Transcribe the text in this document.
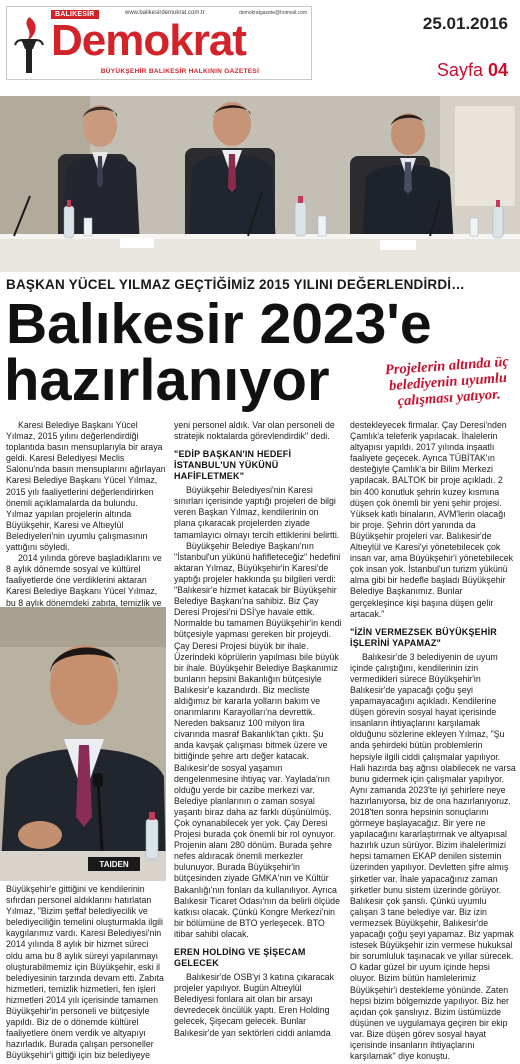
BALIKESİR	www.balikesirdemokrat.com.tr	demokratgazete@hotmail.com
Demokrat
BÜYÜKŞEHİR BALIKESİR HALKININ GAZETESİ
25.01.2016
Sayfa 04
BAŞKAN YÜCEL YILMAZ GEÇTİĞİMİZ 2015 YILINI DEĞERLENDİRDİ…
Balıkesir 2023'e
hazırlanıyor	Projelerin altında üç belediyenin uyumlu çalışması yatıyor.

Karesi Belediye Başkanı Yücel Yılmaz, 2015 yılını değerlendirdiği toplantıda basın mensuplarıyla bir araya geldi. Karesi Belediyesi Meclis Salonu'nda basın mensuplarını ağırlayan Karesi Belediye Başkanı Yücel Yılmaz, 2015 yılı faaliyetlerini değerlendirirken önemli açıklamalarda da bulundu. Yılmaz yapılan projelerin altında Büyükşehir, Karesi ve Altıeylül Belediyeleri'nin uyumlu çalışmasının yattığını söyledi.

2014 yılında göreve başladıklarını ve 8 aylık dönemde sosyal ve kültürel faaliyetlerde öne verdiklerini aktaran Karesi Belediye Başkanı Yücel Yılmaz, bu 8 aylık dönemdeki zabıta, temizlik ve

TAIDEN

Büyükşehir'e gittiğini ve kendilerinin sıfırdan personel aldıklarını hatırlatan Yılmaz, "Bizim şeffaf belediyecilik ve belediyeciliğin temelini oluşturmakla ilgili kaygılarımız vardı. Karesi Belediyesi'nin 2014 yılında 8 aylık bir hizmet süreci oldu ama bu 8 aylık süreyi yapılanmayı oluşturabilmemiz için Büyükşehir, eski il belediyesinin tarzında devam etti. Zabıta hizmetleri, temizlik hizmetleri, fen işleri hizmetleri 2014 yılı içerisinde tamamen Büyükşehir'in personeli ve bütçesiyle yapıldı. Biz de o dönemde kültürel faaliyetlere önem verdik ve altyapıyı hazırladık. Burada çalışan personeller Büyükşehir'i gittiği için biz belediyeye

yeni personel aldık. Var olan personeli de stratejik noktalarda görevlendirdik" dedi.

"EDİP BAŞKAN'IN HEDEFİ İSTANBUL'UN YÜKÜNÜ HAFİFLETMEK"

Büyükşehir Belediyesi'nin Karesi sınırları içerisinde yaptığı projeleri de bilgi veren Başkan Yılmaz, kendilerinin on plana çıkaracak projelerden ziyade tamamlayıcı olmayı tercih ettiklerini belirtti.

Büyükşehir Belediye Başkanı'nın "İstanbul'un yükünü hafifleteceğiz" hedefini aktaran Yılmaz, Büyükşehir'in Karesi'de yaptığı projeler hakkında şu bilgileri verdi: "Balıkesir'e hizmet katacak bir Büyükşehir Belediye Başkanı'na sahibiz. Biz Çay Deresi Projesi'ni DSİ'ye havale ettik. Normalde bu tamamen Büyükşehir'in kendi bütçesiyle yapması gereken bir projeydi. Çay Deresi Projesi büyük bir ihale. Üzerindeki köprülerin yapılması bile büyük bir ihale. Büyükşehir Belediye Başkanımız bunların hepsini Bakanlığın bütçesiyle Balıkesir'e kazandırdı. Biz mecliste aldığımız bir kararla yolların bakım ve onarımlarını Karayolları'na devrettik. Nereden baksanız 100 milyon lira civarında masraf Bakanlık'tan çıktı. Şu anda kavşak çalışması bitmek üzere ve bittiğinde şehre artı değer katacak. Balıkesir'de sosyal yaşamın dengelenmesine ihtiyaç var. Yaylada'nın olduğu yerde bir cazibe merkezi var. Belediye planlarının o zaman sosyal yaşantı biraz daha az farklı düşünülmüş. Çok oynanabilecek yer yok. Çay Deresi Projesi burada çok önemli bir rol oynuyor. Projenin alanı 280 dönüm. Burada şehre nefes aldıracak önemli merkezler bulunuyor. Burada Büyükşehir'in bütçesinden ziyade GMKA'nın ve Kültür Bakanlığı'nın fonları da kullanılıyor. Ayrıca Balıkesir Ticaret Odası'nın da belirli ölçüde katkısı olacak. Çünkü Kongre Merkezi'nin bir bölümüne de BTO yerleşecek. BTO itibar sahibi olacak.

EREN HOLDİNG VE ŞİŞECAM GELECEK

Balıkesir'de OSB'yi 3 katına çıkaracak projeler yapılıyor. Bugün Altıeylül Belediyesi fonlara ait olan bir arsayı devredecek öncülük yaptı. Eren Holding gelecek, Şişecam gelecek. Bunlar Balıkesir'de yan sektörleri ciddi anlamda

destekleyecek firmalar. Çay Deresi'nden Çamlık'a teleferik yapılacak. İhalelerin altyapısı yapıldı. 2017 yılında inşaatlı faaliyete geçecek. Ayrıca TÜBİTAK'ın desteğiyle Çamlık'a bir Bilim Merkezi yapılacak. BALTOK bir proje açıkladı. 2 bin 400 konutluk şehrin kuzey kısmına düşen çok önemli bir yeni şehir projesi. Yüksek katlı binaların, AVM'lerin olacağı bir proje. Şehrin dört yanında da Büyükşehir projeleri var. Balıkesir'de Altıeylül ve Karesi'yi yönetebilecek çok insan var, ama Büyükşehir'i yönetebilecek çok insan yok. İstanbul'un turizm yükünü alma gibi bir hedefle başladı Büyükşehir Belediye Başkanımız. Bunlar gerçekleşince kişi başına düşen gelir artacak."

"İZİN VERMEZSEK BÜYÜKŞEHİR İŞLERİNİ YAPAMAZ"

Balıkesir'de 3 belediyenin de uyum içinde çalıştığını, kendilerinin izin vermedikleri sürece Büyükşehir'in Balıkesir'de yapacağı çoğu şeyi yapamayacağını açıkladı. Kendilerine düşen görevin sosyal hayat içerisinde insanların ihtiyaçlarını karşılamak olduğunu sözlerine ekleyen Yılmaz, "Şu anda şehirdeki bütün problemlerin hepsiyle ilgili ciddi çalışmalar yapılıyor. Hali hazırda baş ağrısı olabilecek ne varsa bunu gidermek için çalışmalar yapılıyor. Aynı zamanda 2023'te iyi şehirlere neye hazırlanıyorsa, biz de ona hazırlanıyoruz. 2018'ten sonra hepsinin sonuçlarını görmeye başlayacağız. Bir yere ne yapılacağını kararlaştırmak ve altyapısal hazırlık uzun sürüyor. Bizim ihalelerimizi hepsi tamamen EKAP denilen sistemin üzerinden yapılıyor. Devletten şifre almış şirketler var. İhale yapacağınız zaman şirketler bunu sistem üzerinde görüyor. Balıkesir çok şanslı. Çünkü uyumlu çalışan 3 tane belediye var. Biz izin vermezsek Büyükşehir, Balıkesir'de yapacağı çoğu şeyi yapamaz. Biz yapmak istesek Büyükşehir izin vermese hukuksal bir sorumluluk taşınacak ve yıllar sürecek. O kadar güzel bir uyum içinde hepsi oluyor. Bizim bütün hamlelerimiz Büyükşehir'i destekleme yönünde. Zaten hepsi bizim bölgemizde yapılıyor. Biz her açıdan çok şanslıyız. Bizim üstümüzde düşünen ve uygulamaya geçiren bir ekip var. Bize düşen görev sosyal hayat içerisinde insanların ihtiyaçlarını karşılamak" diye konuştu.
